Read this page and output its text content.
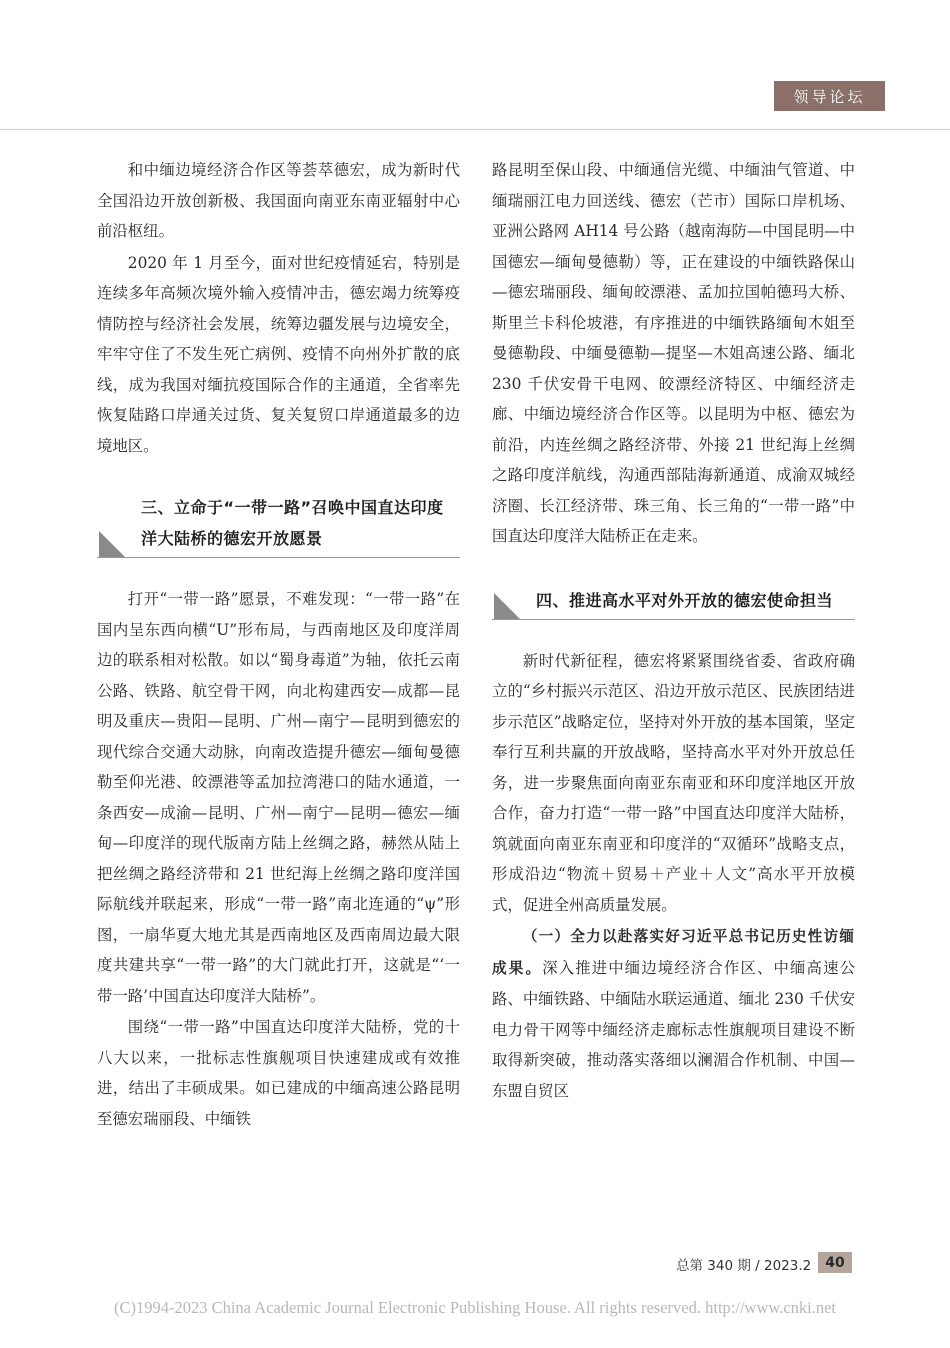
领导论坛

和中缅边境经济合作区等荟萃德宏，成为新时代全国沿边开放创新极、我国面向南亚东南亚辐射中心前沿枢纽。

2020 年 1 月至今，面对世纪疫情延宕，特别是连续多年高频次境外输入疫情冲击，德宏竭力统筹疫情防控与经济社会发展，统筹边疆发展与边境安全，牢牢守住了不发生死亡病例、疫情不向州外扩散的底线，成为我国对缅抗疫国际合作的主通道，全省率先恢复陆路口岸通关过货、复关复贸口岸通道最多的边境地区。

三、立命于“一带一路”召唤中国直达印度洋大陆桥的德宏开放愿景

打开“一带一路”愿景，不难发现：“一带一路”在国内呈东西向横“U”形布局，与西南地区及印度洋周边的联系相对松散。如以“蜀身毒道”为轴，依托云南公路、铁路、航空骨干网，向北构建西安—成都—昆明及重庆—贵阳—昆明、广州—南宁—昆明到德宏的现代综合交通大动脉，向南改造提升德宏—缅甸曼德勒至仰光港、皎漂港等孟加拉湾港口的陆水通道，一条西安—成渝—昆明、广州—南宁—昆明—德宏—缅甸—印度洋的现代版南方陆上丝绸之路，赫然从陆上把丝绸之路经济带和 21 世纪海上丝绸之路印度洋国际航线并联起来，形成“一带一路”南北连通的“ψ”形图，一扇华夏大地尤其是西南地区及西南周边最大限度共建共享“一带一路”的大门就此打开，这就是“‘一带一路’中国直达印度洋大陆桥”。

围绕“一带一路”中国直达印度洋大陆桥，党的十八大以来，一批标志性旗舰项目快速建成或有效推进，结出了丰硕成果。如已建成的中缅高速公路昆明至德宏瑞丽段、中缅铁

路昆明至保山段、中缅通信光缆、中缅油气管道、中缅瑞丽江电力回送线、德宏（芒市）国际口岸机场、亚洲公路网 AH14 号公路（越南海防—中国昆明—中国德宏—缅甸曼德勒）等，正在建设的中缅铁路保山—德宏瑞丽段、缅甸皎漂港、孟加拉国帕德玛大桥、斯里兰卡科伦坡港，有序推进的中缅铁路缅甸木姐至曼德勒段、中缅曼德勒—提坚—木姐高速公路、缅北 230 千伏安骨干电网、皎漂经济特区、中缅经济走廊、中缅边境经济合作区等。以昆明为中枢、德宏为前沿，内连丝绸之路经济带、外接 21 世纪海上丝绸之路印度洋航线，沟通西部陆海新通道、成渝双城经济圈、长江经济带、珠三角、长三角的“一带一路”中国直达印度洋大陆桥正在走来。

四、推进高水平对外开放的德宏使命担当

新时代新征程，德宏将紧紧围绕省委、省政府确立的“乡村振兴示范区、沿边开放示范区、民族团结进步示范区”战略定位，坚持对外开放的基本国策，坚定奉行互利共赢的开放战略，坚持高水平对外开放总任务，进一步聚焦面向南亚东南亚和环印度洋地区开放合作，奋力打造“一带一路”中国直达印度洋大陆桥，筑就面向南亚东南亚和印度洋的“双循环”战略支点，形成沿边“物流＋贸易＋产业＋人文”高水平开放模式，促进全州高质量发展。

（一）全力以赴落实好习近平总书记历史性访缅成果。深入推进中缅边境经济合作区、中缅高速公路、中缅铁路、中缅陆水联运通道、缅北 230 千伏安电力骨干网等中缅经济走廊标志性旗舰项目建设不断取得新突破，推动落实落细以澜湄合作机制、中国—东盟自贸区

总第 340 期 / 2023.2	40
(C)1994-2023 China Academic Journal Electronic Publishing House. All rights reserved. http://www.cnki.net
